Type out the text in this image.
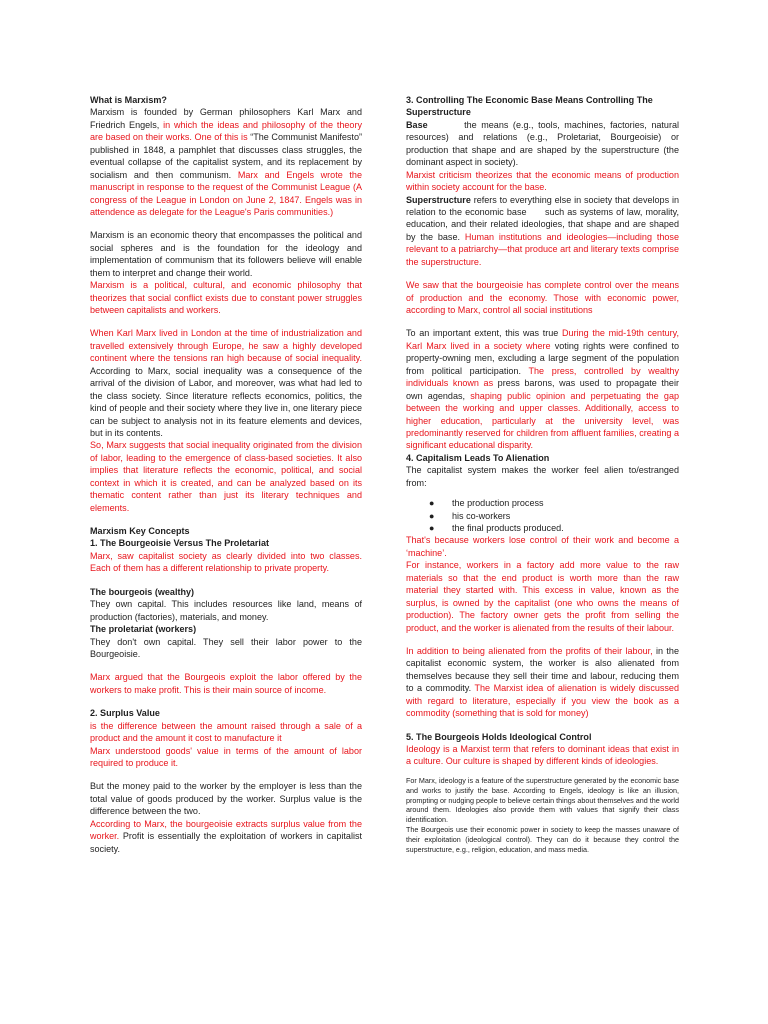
What is Marxism?

Marxism is founded by German philosophers Karl Marx and Friedrich Engels, in which the ideas and philosophy of the theory are based on their works. One of this is “The Communist Manifesto” published in 1848, a pamphlet that discusses class struggles, the eventual collapse of the capitalist system, and its replacement by socialism and then communism. Marx and Engels wrote the manuscript in response to the request of the Communist League (A congress of the League in London on June 2, 1847. Engels was in attendence as delegate for the League's Paris communities.)

Marxism is an economic theory that encompasses the political and social spheres and is the foundation for the ideology and implementation of communism that its followers believe will enable them to interpret and change their world.

Marxism is a political, cultural, and economic philosophy that theorizes that social conflict exists due to constant power struggles between capitalists and workers.

When Karl Marx lived in London at the time of industrialization and travelled extensively through Europe, he saw a highly developed continent where the tensions ran high because of social inequality. According to Marx, social inequality was a consequence of the arrival of the division of Labor, and moreover, was what had led to the class society. Since literature reflects economics, politics, the kind of people and their society where they live in, one literary piece can be subject to analysis not in its feature elements and devices, but in its contents.

So, Marx suggests that social inequality originated from the division of labor, leading to the emergence of class-based societies. It also implies that literature reflects the economic, political, and social context in which it is created, and can be analyzed based on its thematic content rather than just its literary techniques and elements.

Marxism Key Concepts

1. The Bourgeoisie Versus The Proletariat

Marx, saw capitalist society as clearly divided into two classes. Each of them has a different relationship to private property.

The bourgeois (wealthy)

They own capital. This includes resources like land, means of production (factories), materials, and money.

The proletariat (workers)

They don't own capital. They sell their labor power to the Bourgeoisie.

Marx argued that the Bourgeois exploit the labor offered by the workers to make profit. This is their main source of income.

2. Surplus Value

is the difference between the amount raised through a sale of a product and the amount it cost to manufacture it

Marx understood goods' value in terms of the amount of labor required to produce it.

But the money paid to the worker by the employer is less than the total value of goods produced by the worker. Surplus value is the difference between the two.

According to Marx, the bourgeoisie extracts surplus value from the worker. Profit is essentially the exploitation of workers in capitalist society.

3. Controlling The Economic Base Means Controlling The Superstructure

Base        the means (e.g., tools, machines, factories, natural resources) and relations (e.g., Proletariat, Bourgeoisie) or production that shape and are shaped by the superstructure (the dominant aspect in society).

Marxist criticism theorizes that the economic means of production within society account for the base.

Superstructure refers to everything else in society that develops in relation to the economic base      such as systems of law, morality, education, and their related ideologies, that shape and are shaped by the base. Human institutions and ideologies—including those relevant to a patriarchy—that produce art and literary texts comprise the superstructure.

We saw that the bourgeoisie has complete control over the means of production and the economy. Those with economic power, according to Marx, control all social institutions

To an important extent, this was true During the mid-19th century, Karl Marx lived in a society where voting rights were confined to property-owning men, excluding a large segment of the population from political participation. The press, controlled by wealthy individuals known as press barons, was used to propagate their own agendas, shaping public opinion and perpetuating the gap between the working and upper classes. Additionally, access to higher education, particularly at the university level, was predominantly reserved for children from affluent families, creating a significant educational disparity.

4. Capitalism Leads To Alienation

The capitalist system makes the worker feel alien to/estranged from:

● the production process
● his co-workers
● the final products produced.

That's because workers lose control of their work and become a ‘machine’.

For instance, workers in a factory add more value to the raw materials so that the end product is worth more than the raw material they started with. This excess in value, known as the surplus, is owned by the capitalist (one who owns the means of production). The factory owner gets the profit from selling the product, and the worker is alienated from the results of their labour.

In addition to being alienated from the profits of their labour, in the capitalist economic system, the worker is also alienated from themselves because they sell their time and labour, reducing them to a commodity. The Marxist idea of alienation is widely discussed with regard to literature, especially if you view the book as a commodity (something that is sold for money)

5. The Bourgeois Holds Ideological Control

Ideology is a Marxist term that refers to dominant ideas that exist in a culture. Our culture is shaped by different kinds of ideologies.

For Marx, ideology is a feature of the superstructure generated by the economic base and works to justify the base. According to Engels, ideology is like an illusion, prompting or nudging people to believe certain things about themselves and the world around them. Ideologies also provide them with values that signify their class identification.

The Bourgeois use their economic power in society to keep the masses unaware of their exploitation (ideological control). They can do it because they control the superstructure, e.g., religion, education, and mass media.
